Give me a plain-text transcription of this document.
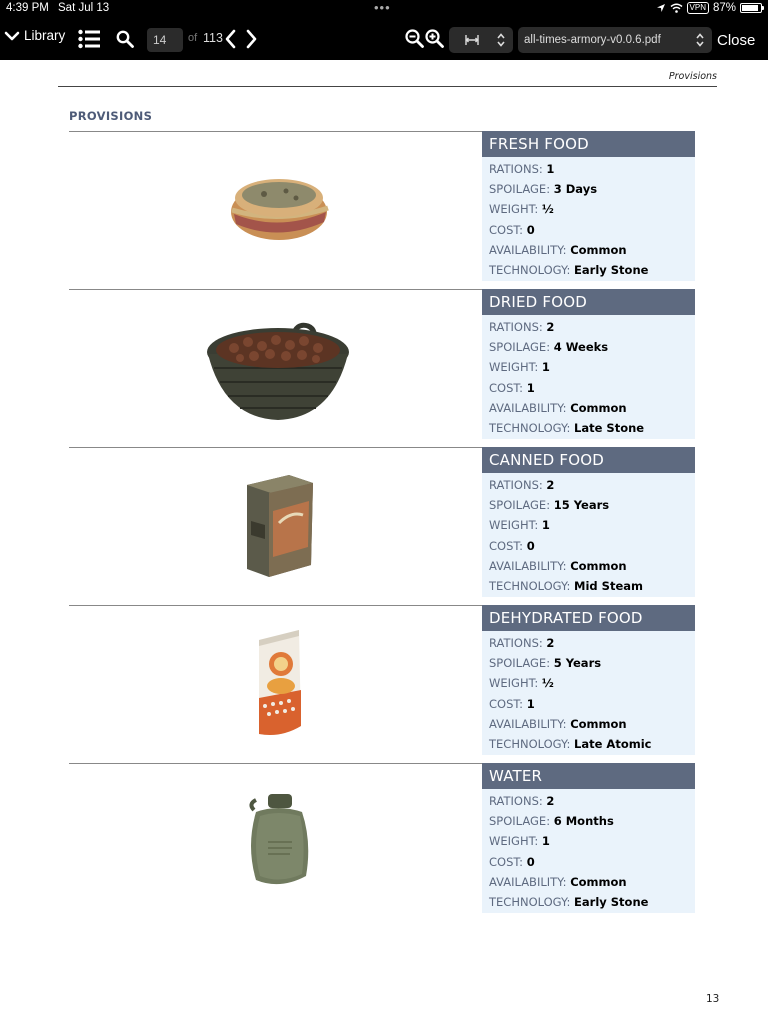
4:39 PM Sat Jul 13	•••	VPN 87%
Library	14	of 113	all-times-armory-v0.0.6.pdf	Close
Provisions
PROVISIONS
FRESH FOOD
RATIONS: 1
SPOILAGE: 3 Days
WEIGHT: ½
COST: 0
AVAILABILITY: Common
TECHNOLOGY: Early Stone
DRIED FOOD
RATIONS: 2
SPOILAGE: 4 Weeks
WEIGHT: 1
COST: 1
AVAILABILITY: Common
TECHNOLOGY: Late Stone
CANNED FOOD
RATIONS: 2
SPOILAGE: 15 Years
WEIGHT: 1
COST: 0
AVAILABILITY: Common
TECHNOLOGY: Mid Steam
DEHYDRATED FOOD
RATIONS: 2
SPOILAGE: 5 Years
WEIGHT: ½
COST: 1
AVAILABILITY: Common
TECHNOLOGY: Late Atomic
WATER
RATIONS: 2
SPOILAGE: 6 Months
WEIGHT: 1
COST: 0
AVAILABILITY: Common
TECHNOLOGY: Early Stone
13
